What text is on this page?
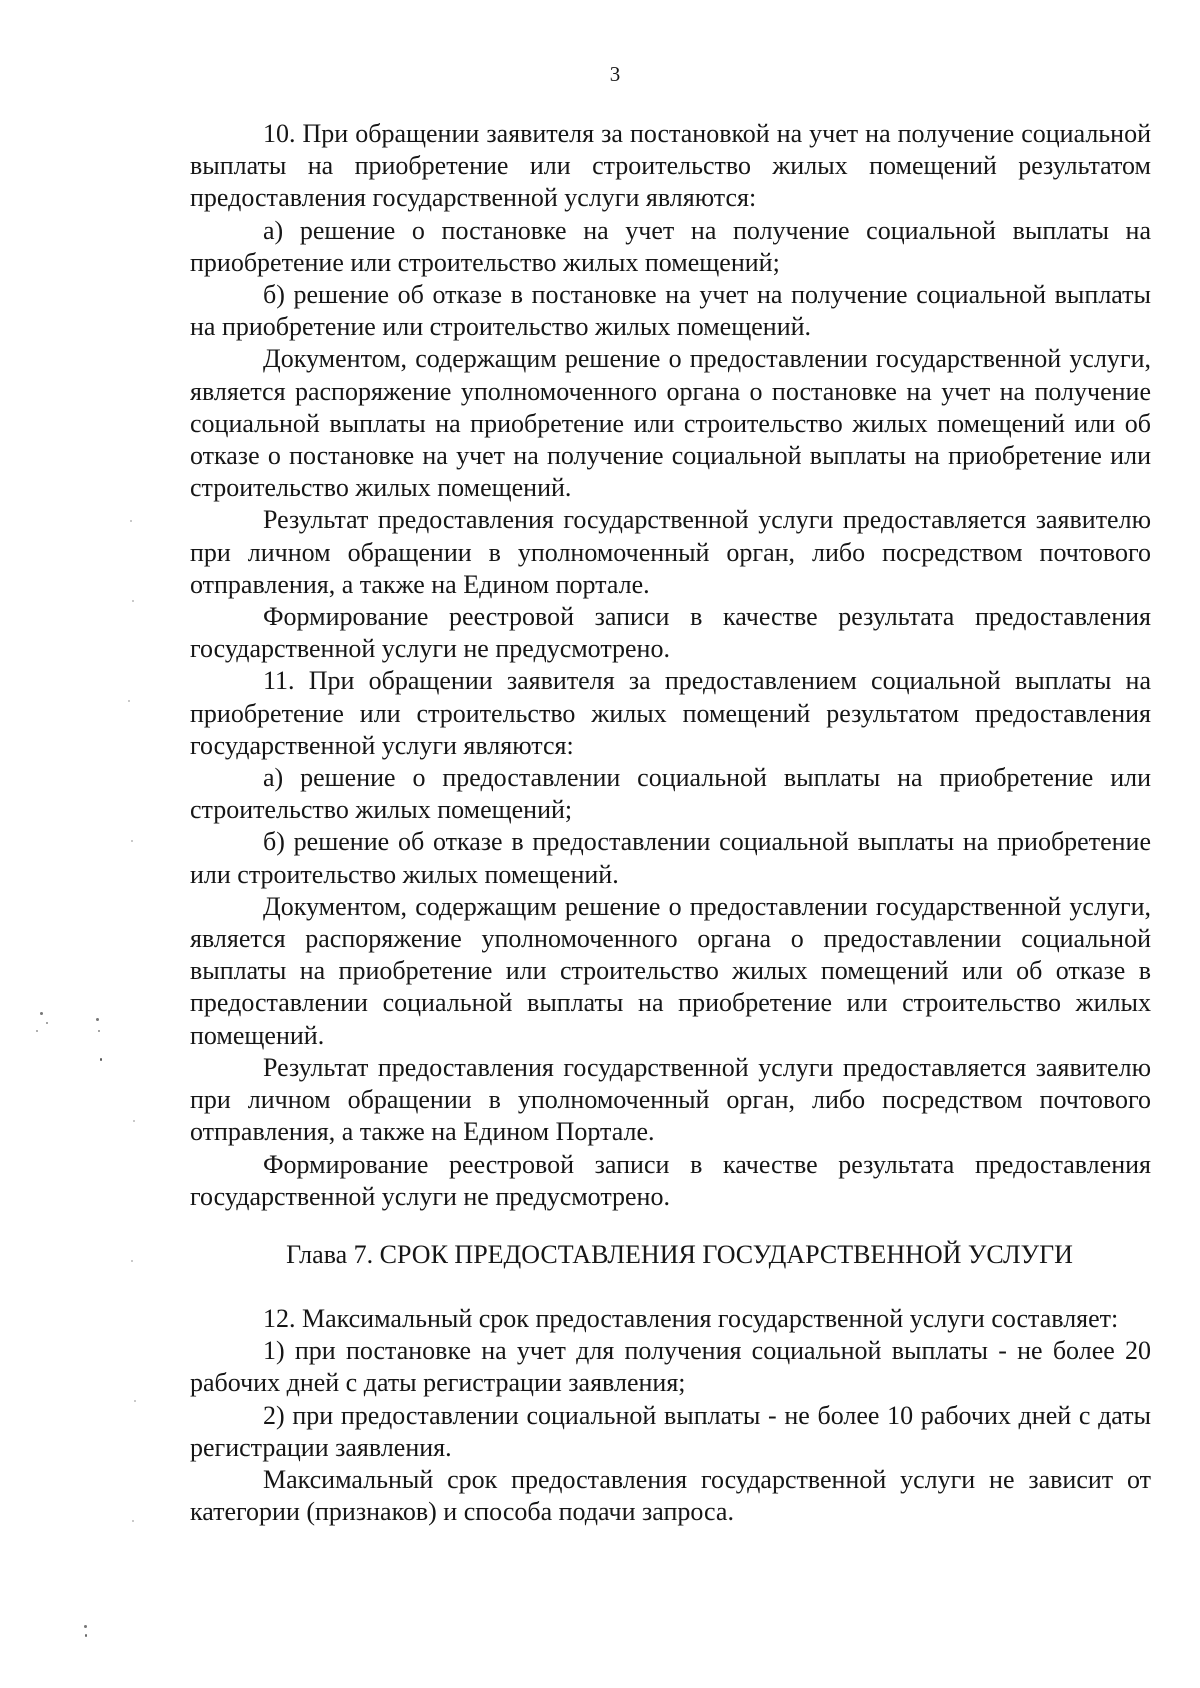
3

10. При обращении заявителя за постановкой на учет на получение социальной выплаты на приобретение или строительство жилых помещений результатом предоставления государственной услуги являются:

а) решение о постановке на учет на получение социальной выплаты на приобретение или строительство жилых помещений;

б) решение об отказе в постановке на учет на получение социальной выплаты на приобретение или строительство жилых помещений.

Документом, содержащим решение о предоставлении государственной услуги, является распоряжение уполномоченного органа о постановке на учет на получение социальной выплаты на приобретение или строительство жилых помещений или об отказе о постановке на учет на получение социальной выплаты на приобретение или строительство жилых помещений.

Результат предоставления государственной услуги предоставляется заявителю при личном обращении в уполномоченный орган, либо посредством почтового отправления, а также на Едином портале.

Формирование реестровой записи в качестве результата предоставления государственной услуги не предусмотрено.

11. При обращении заявителя за предоставлением социальной выплаты на приобретение или строительство жилых помещений результатом предоставления государственной услуги являются:

а) решение о предоставлении социальной выплаты на приобретение или строительство жилых помещений;

б) решение об отказе в предоставлении социальной выплаты на приобретение или строительство жилых помещений.

Документом, содержащим решение о предоставлении государственной услуги, является распоряжение уполномоченного органа о предоставлении социальной выплаты на приобретение или строительство жилых помещений или об отказе в предоставлении социальной выплаты на приобретение или строительство жилых помещений.

Результат предоставления государственной услуги предоставляется заявителю при личном обращении в уполномоченный орган, либо посредством почтового отправления, а также на Едином Портале.

Формирование реестровой записи в качестве результата предоставления государственной услуги не предусмотрено.

Глава 7. СРОК ПРЕДОСТАВЛЕНИЯ ГОСУДАРСТВЕННОЙ УСЛУГИ

12. Максимальный срок предоставления государственной услуги составляет:

1) при постановке на учет для получения социальной выплаты - не более 20 рабочих дней с даты регистрации заявления;

2) при предоставлении социальной выплаты - не более 10 рабочих дней с даты регистрации заявления.

Максимальный срок предоставления государственной услуги не зависит от категории (признаков) и способа подачи запроса.
